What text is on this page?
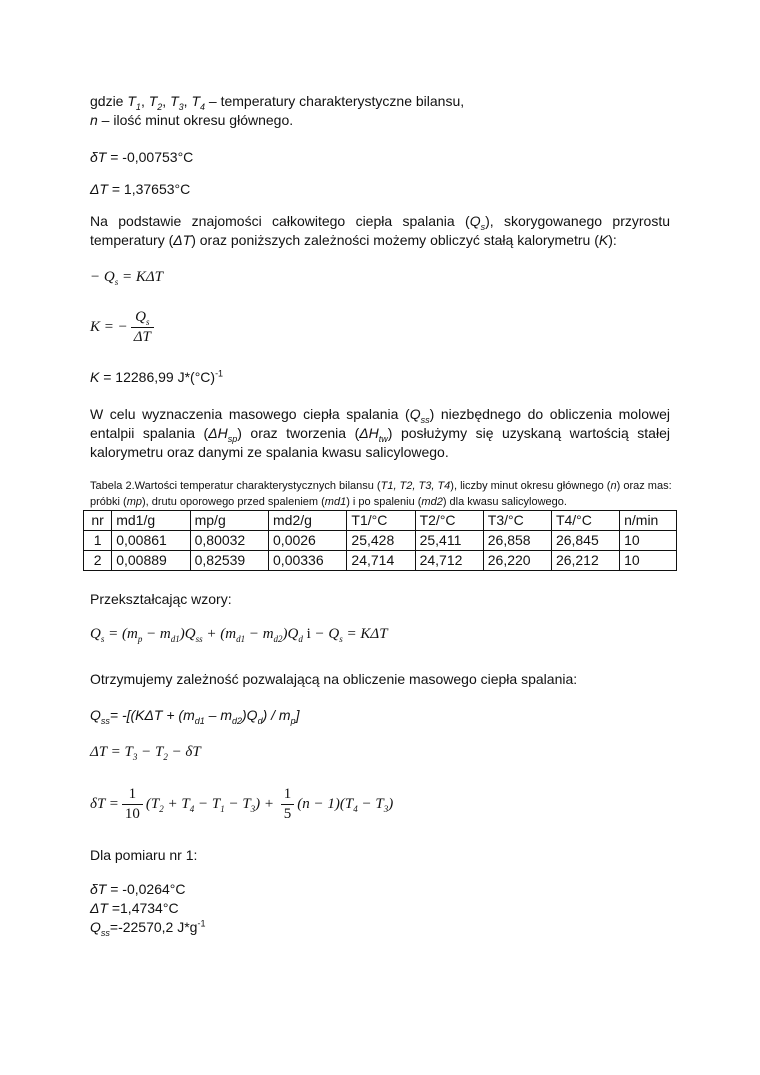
gdzie $T_1$, $T_2$, $T_3$, $T_4$ – temperatury charakterystyczne bilansu,
n – ilość minut okresu głównego.
δT = -0,00753°C
ΔT = 1,37653°C
Na podstawie znajomości całkowitego ciepła spalania $(Q_s)$, skorygowanego przyrostu temperatury (ΔT) oraz poniższych zależności możemy obliczyć stałą kalorymetru (K):
− $Q_s = K\Delta T$
K = − $\frac{Q_s}{\Delta T}$
K = 12286,99 $J*(^\circ C)^{-1}$
W celu wyznaczenia masowego ciepła spalania $(Q_{ss})$ niezbędnego do obliczenia molowej entalpii spalania $(\Delta H_{sp})$ oraz tworzenia $(\Delta H_{tw})$ posłużymy się uzyskaną wartością stałej kalorymetru oraz danymi ze spalania kwasu salicylowego.
Tabela 2.Wartości temperatur charakterystycznych bilansu (T1, T2, T3, T4), liczby minut okresu głównego (n) oraz mas: próbki (mp), drutu oporowego przed spaleniem (md1) i po spaleniu (md2) dla kwasu salicylowego.
nr	md1/g	mp/g	md2/g	T1/°C	T2/°C	T3/°C	T4/°C	n/min
1	0,00861	0,80032	0,0026	25,428	25,411	26,858	26,845	10
2	0,00889	0,82539	0,00336	24,714	24,712	26,220	26,212	10
Przekształcając wzory:
$Q_s = (m_p - m_{d1})Q_{ss} + (m_{d1} - m_{d2})Q_d$ $i - Q_s = K\Delta T$
Otrzymujemy zależność pozwalającą na obliczenie masowego ciepła spalania:
$Q_{ss}= -[(K\Delta T + (m_{d1} - m_{d2})Q_d) / m_p]$
$\Delta T = T_3 - T_2 - \delta T$
$\delta T = \frac{1}{10} (T_2 + T_4 - T_1 - T_3) + \frac{1}{5} (n - 1)(T_4 - T_3)$
Dla pomiaru nr 1:
δT = -0,0264°C
ΔT =1,4734°C
$Q_{ss}=-22570,2$ $J*g^{-1}$
